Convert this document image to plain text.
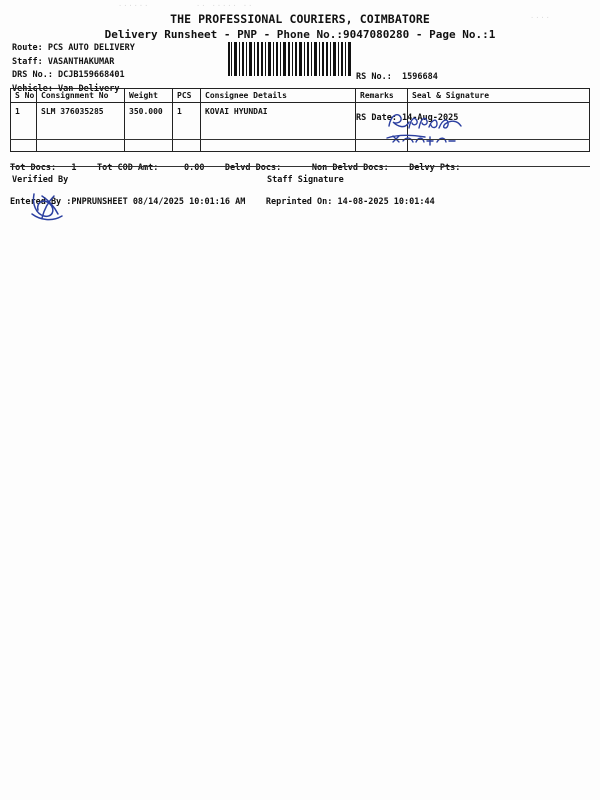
······	·· ····· ··
····
THE PROFESSIONAL COURIERS, COIMBATORE
Delivery Runsheet - PNP - Phone No.:9047080280 - Page No.:1
Route: PCS AUTO DELIVERY
Staff: VASANTHAKUMAR
DRS No.: DCJB159668401
Vehicle: Van Delivery

RS No.:  1596684

RS Date: 14-Aug-2025

S No Consignment No	Weight	PCS	Consignee Details	Remarks	Seal & Signature
1	SLM 376035285	350.000	1	KOVAI HYUNDAI

Tot Docs:   1    Tot COD Amt:     0.00    Delvd Docs:      Non Delvd Docs:    Delvy Pts:

Entered By :PNPRUNSHEET 08/14/2025 10:01:16 AM    Reprinted On: 14-08-2025 10:01:44

Verified By	Staff Signature
